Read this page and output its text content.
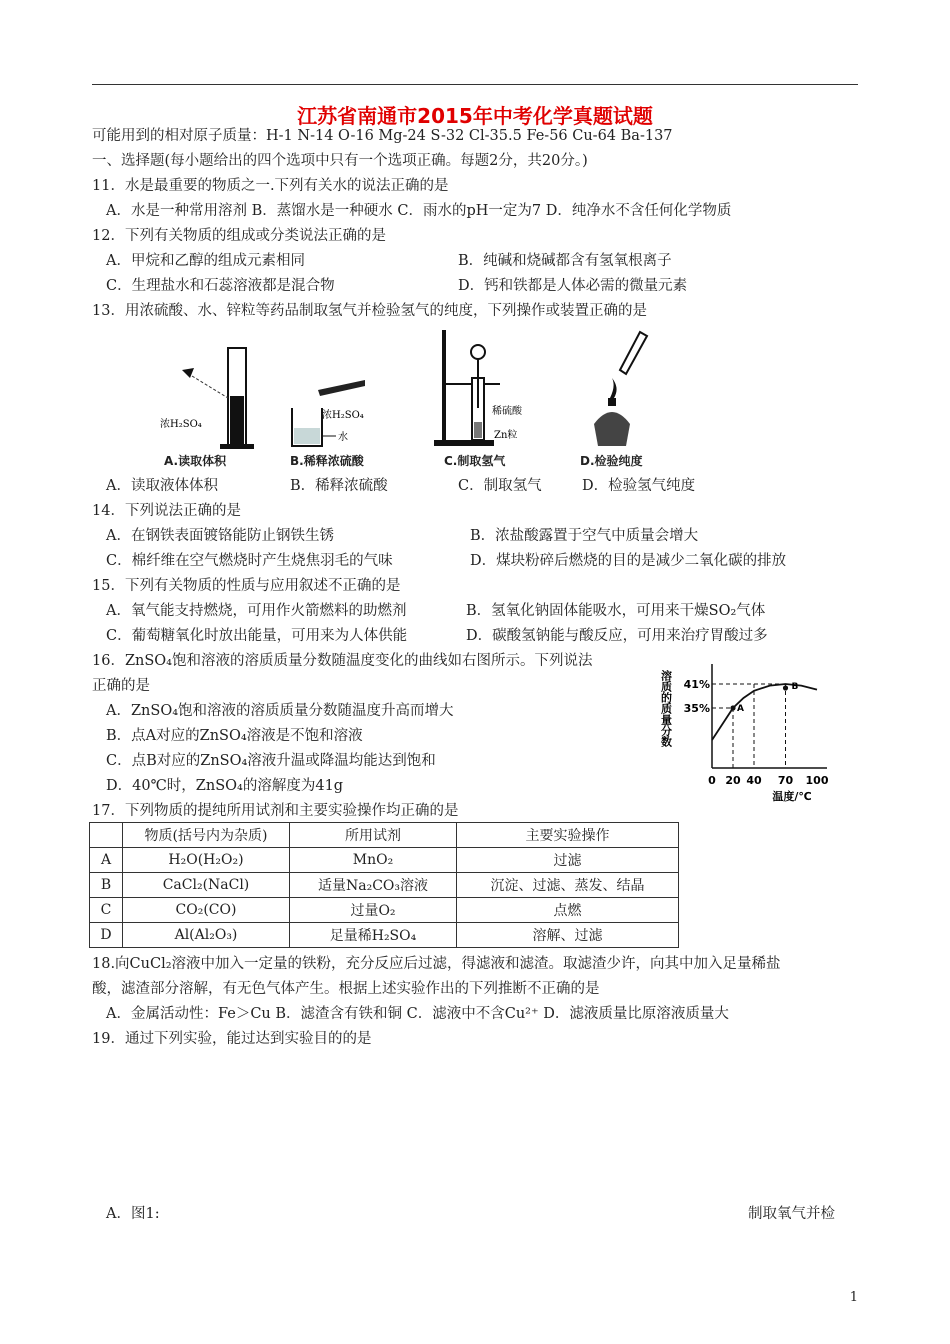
江苏省南通市2015年中考化学真题试题
可能用到的相对原子质量：H-1 N-14 O-16 Mg-24 S-32 Cl-35.5 Fe-56 Cu-64 Ba-137
一、选择题(每小题给出的四个选项中只有一个选项正确。每题2分，共20分。)
11．水是最重要的物质之一.下列有关水的说法正确的是
A．水是一种常用溶剂 B．蒸馏水是一种硬水 C．雨水的pH一定为7 D．纯净水不含任何化学物质
12．下列有关物质的组成或分类说法正确的是
A．甲烷和乙醇的组成元素相同	B．纯碱和烧碱都含有氢氧根离子
C．生理盐水和石蕊溶液都是混合物	D．钙和铁都是人体必需的微量元素
13．用浓硫酸、水、锌粒等药品制取氢气并检验氢气的纯度，下列操作或装置正确的是
浓H₂SO₄
浓H₂SO₄
水
稀硫酸
Zn粒
A.读取体积	B.稀释浓硫酸	C.制取氢气	D.检验纯度
A．读取液体体积	B．稀释浓硫酸	C．制取氢气	D．检验氢气纯度
14．下列说法正确的是
A．在钢铁表面镀铬能防止钢铁生锈	B．浓盐酸露置于空气中质量会增大
C．棉纤维在空气燃烧时产生烧焦羽毛的气味	D．煤块粉碎后燃烧的目的是减少二氧化碳的排放
15．下列有关物质的性质与应用叙述不正确的是
A．氧气能支持燃烧，可用作火箭燃料的助燃剂	B．氢氧化钠固体能吸水，可用来干燥SO₂气体
C．葡萄糖氧化时放出能量，可用来为人体供能	D．碳酸氢钠能与酸反应，可用来治疗胃酸过多
16．ZnSO₄饱和溶液的溶质质量分数随温度变化的曲线如右图所示。下列说法
正确的是
A．ZnSO₄饱和溶液的溶质质量分数随温度升高而增大
B．点A对应的ZnSO₄溶液是不饱和溶液
C．点B对应的ZnSO₄溶液升温或降温均能达到饱和
D．40℃时，ZnSO₄的溶解度为41g
溶质的质量分数	A
B
35%
41%
0 20 40 70 100
温度/℃
17．下列物质的提纯所用试剂和主要实验操作均正确的是
	物质(括号内为杂质)	所用试剂	主要实验操作
A	H₂O(H₂O₂)	MnO₂	过滤
B	CaCl₂(NaCl)	适量Na₂CO₃溶液	沉淀、过滤、蒸发、结晶
C	CO₂(CO)	过量O₂	点燃
D	Al(Al₂O₃)	足量稀H₂SO₄	溶解、过滤
18.向CuCl₂溶液中加入一定量的铁粉，充分反应后过滤，得滤液和滤渣。取滤渣少许，向其中加入足量稀盐
酸，滤渣部分溶解，有无色气体产生。根据上述实验作出的下列推断不正确的是
A．金属活动性：Fe＞Cu B．滤渣含有铁和铜 C．滤液中不含Cu²⁺ D．滤液质量比原溶液质量大
19．通过下列实验，能过达到实验目的的是
A．图1:	制取氧气并检
1
